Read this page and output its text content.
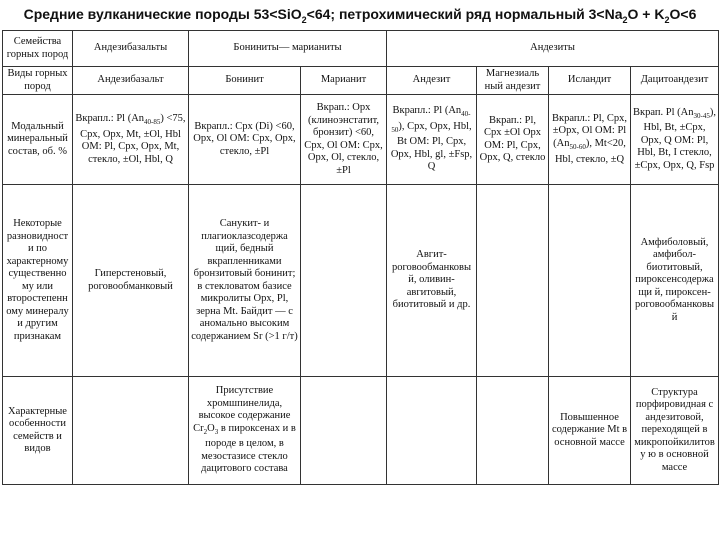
Средние вулканические породы 53<SiO$_2$<64; петрохимический ряд нормальный $3<Na_2O + K_2O<6$
Семейства горных пород	Андезибазальты	Бониниты— марианиты		Андезиты			
Виды горных пород	Андезибазальт	Бонинит	Марианит	Андезит	Магнезиаль ный андезит	Исландит	Дацитоандезит
Модальный минеральный состав, об. %	Вкрапл.: Pl $(An_{40-85}) <75$, Cpx, Opx, Mt, ±Ol, Hbl OM: Pl, Cpx, Opx, Mt, стекло, ±Ol, Hbl, Q	Вкрапл.: Cpx (Di) <60, Opx, Ol OM: Cpx, Opx, стекло, ±Pl	Вкрап.: Opx (клиноэнстатит, бронзит) <60, Cpx, Ol OM: Cpx, Opx, Ol, стекло, ±Pl	Вкрапл.: Pl $(An_{40-50})$, Cpx, Opx, Hbl, Bt OM: Pl, Cpx, Opx, Hbl, gl, ±Fsp, Q	Вкрап.: Pl, Cpx ±Ol Opx OM: Pl, Cpx, Opx, Q, стекло	Вкрапл.: Pl, Cpx, ±Opx, Ol OM: Pl $(An_{50-60})$, Mt<20, Hbl, стекло, ±Q	Вкрап. Pl $(An_{30-45})$, Hbl, Bt, ±Cpx, Opx, Q OM: Pl, Hbl, Bt, I стекло, ±Cpx, Opx, Q, Fsp
Некоторые разновидност и по характерному существенно му или второстепенн ому минералу и другим признакам	Гиперстеновый, роговообманковый	Санукит- и плагиоклазсодержа щий, бедный вкрапленниками бронзитовый бонинит; в стекловатом базисе микролиты Opx, Pl, зерна Mt. Байдит — с аномально высоким содержанием Sr (>1 г/т)		Авгит- роговообманковы й, оливин- авгитовый, биотитовый и др.			Амфиболовый, амфибол- биотитовый, пироксенсодержащи й, пироксен- роговообманковый
Характерные особенности семейств и видов		Присутствие хромшпинелида, высокое содержание $Cr_2O_3$ в пироксенах и в породе в целом, в мезостазисе стекло дацитового состава				Повышенное содержание Mt в основной массе	Структура порфировидная с андезитовой, переходящей в микропойкилитову ю в основной массе
